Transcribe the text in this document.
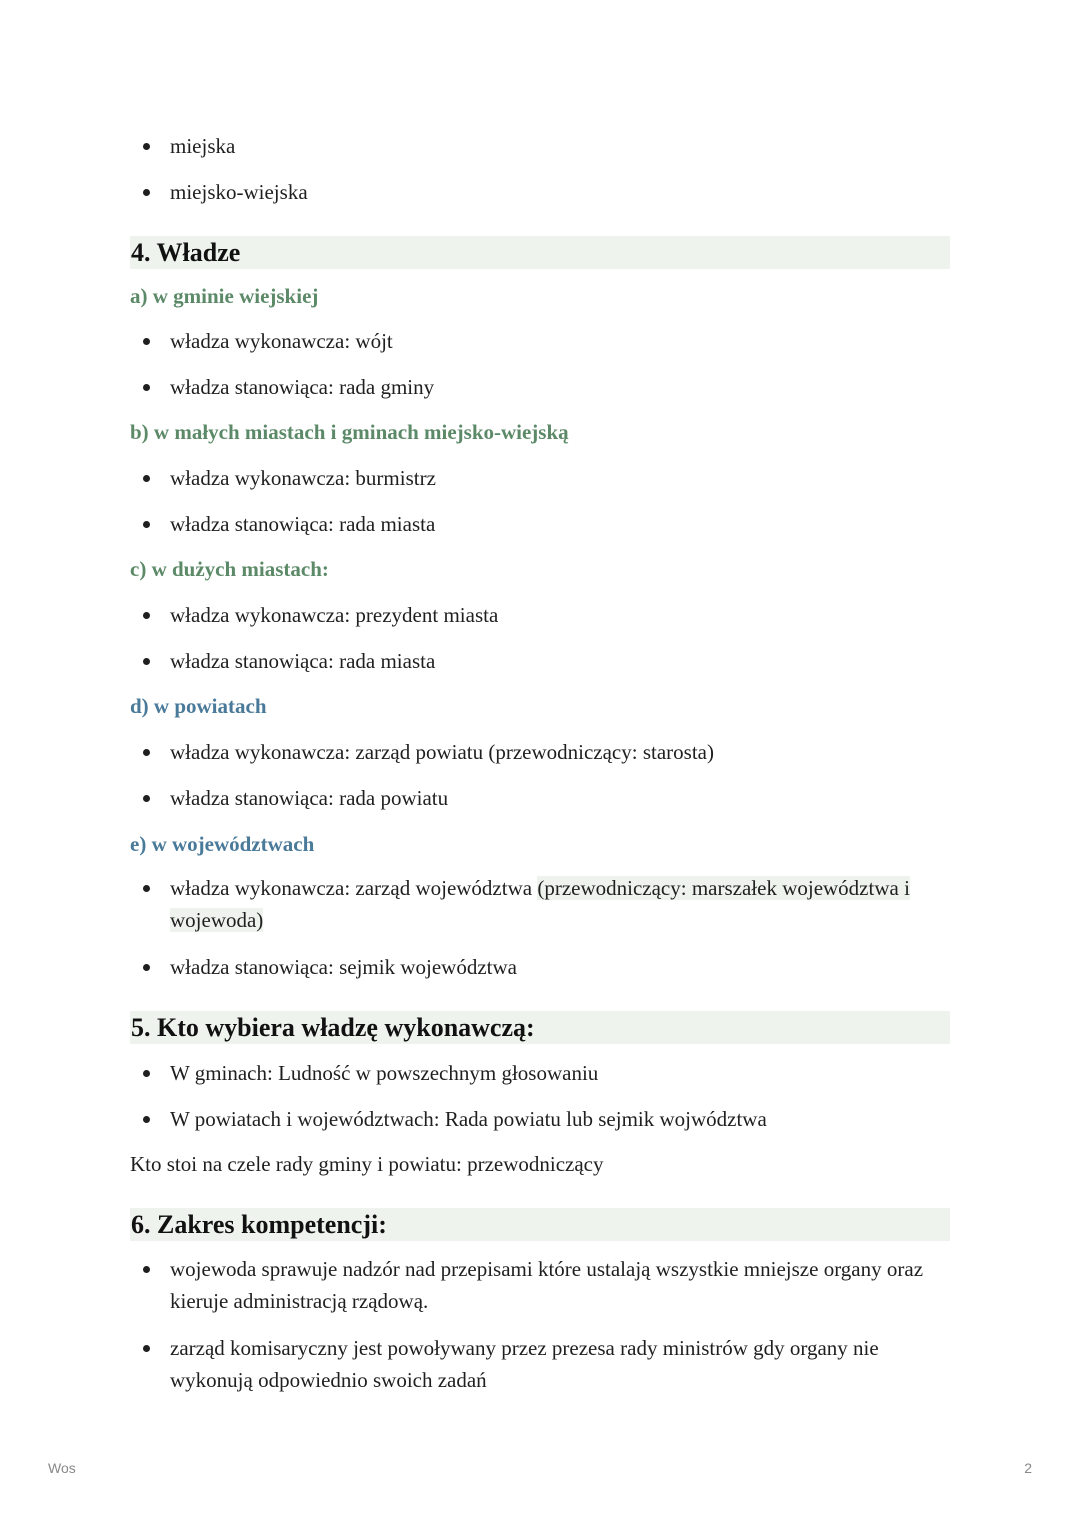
miejska
miejsko-wiejska
4. Władze
a) w gminie wiejskiej
władza wykonawcza: wójt
władza stanowiąca: rada gminy
b) w małych miastach i gminach miejsko-wiejską
władza wykonawcza: burmistrz
władza stanowiąca: rada miasta
c) w dużych miastach:
władza wykonawcza: prezydent miasta
władza stanowiąca: rada miasta
d) w powiatach
władza wykonawcza: zarząd powiatu (przewodniczący: starosta)
władza stanowiąca: rada powiatu
e) w województwach
władza wykonawcza: zarząd województwa (przewodniczący: marszałek województwa i wojewoda)
władza stanowiąca: sejmik województwa
5. Kto wybiera władzę wykonawczą:
W gminach: Ludność w powszechnym głosowaniu
W powiatach i województwach: Rada powiatu lub sejmik wojwództwa
Kto stoi na czele rady gminy i powiatu: przewodniczący
6. Zakres kompetencji:
wojewoda sprawuje nadzór nad przepisami które ustalają wszystkie mniejsze organy oraz kieruje administracją rządową.
zarząd komisaryczny jest powoływany przez prezesa rady ministrów gdy organy nie wykonują odpowiednio swoich zadań
Wos	2
